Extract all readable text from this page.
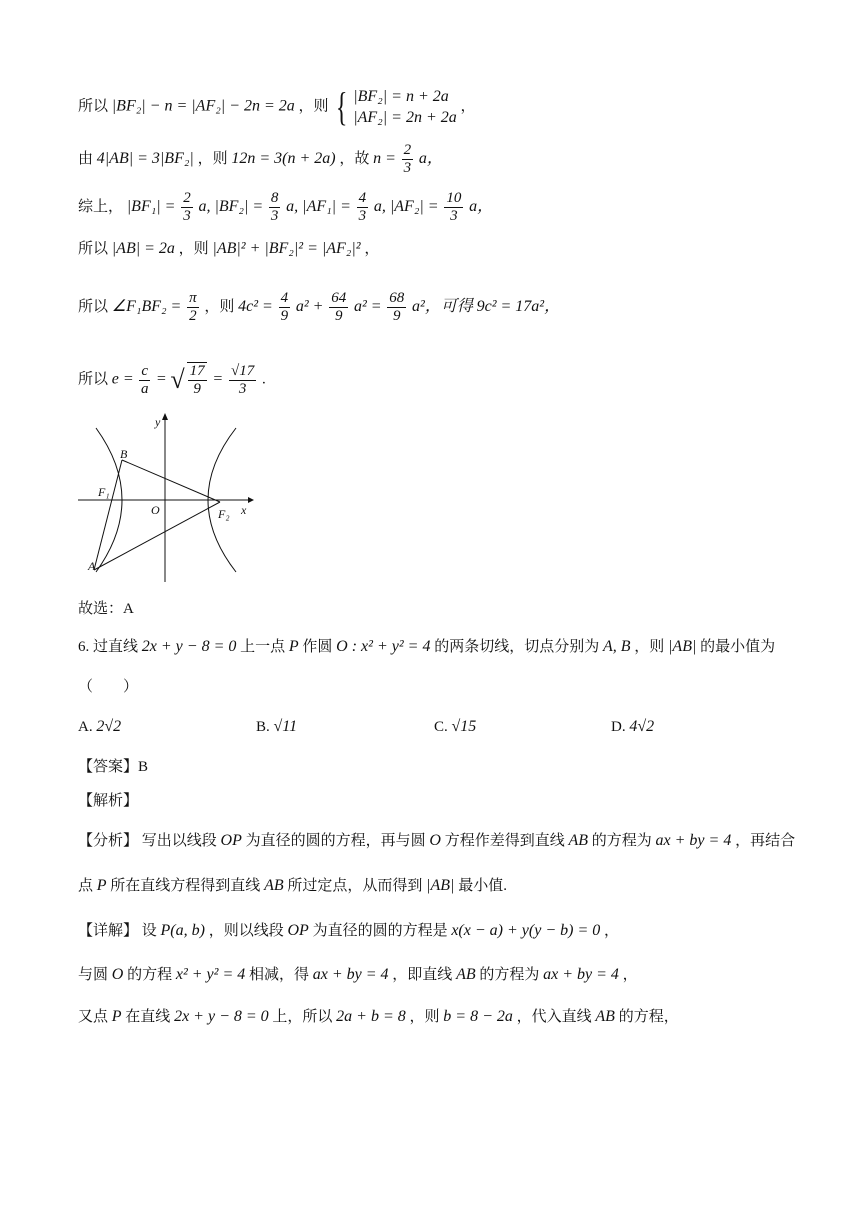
所以 |BF₂| − n = |AF₂| − 2n = 2a ，则 { |BF₂| = n + 2a
|AF₂| = 2n + 2a
，
由 4|AB| = 3|BF₂| ，则 12n = 3(n + 2a) ，故 $n = \frac{2}{3}$ a，
综上， $|BF_1| = \frac{2}{3} a$, $|BF_2| = \frac{8}{3} a$, $|AF_1| = \frac{4}{3} a$, $|AF_2| = \frac{10}{3}$ a，
所以 |AB| = 2a ，则 |AB|² + |BF₂|² = |AF₂|² ，
所以 ∠F₁BF₂ = $\frac{\pi}{2}$ ，则 $4c^2 = \frac{4}{9} a^2 + \frac{64}{9} a^2 = \frac{68}{9} a^2$，可得 9c² = 17a²，
所以 $e = \frac{c}{a}$ = √ $\frac{17}{9} = \frac{√17}{3}$ .
y
x
B
F₁
O	F₂
A
故选：A
6. 过直线 2x + y − 8 = 0 上一点 P 作圆 O : x² + y² = 4 的两条切线，切点分别为 A, B ，则 |AB| 的最小值为
（　　）
A. 2√2	B. √11	C. √15	D. 4√2
【答案】B
【解析】
【分析】 写出以线段 OP 为直径的圆的方程，再与圆 O 方程作差得到直线 AB 的方程为 ax + by = 4 ，再结合
点 P 所在直线方程得到直线 AB 所过定点，从而得到 |AB| 最小值.
【详解】 设 P(a, b) ，则以线段 OP 为直径的圆的方程是 x(x − a) + y(y − b) = 0 ，
与圆 O 的方程 x² + y² = 4 相减，得 ax + by = 4 ，即直线 AB 的方程为 ax + by = 4 ，
又点 P 在直线 2x + y − 8 = 0 上，所以 2a + b = 8 ，则 b = 8 − 2a ，代入直线 AB 的方程，
